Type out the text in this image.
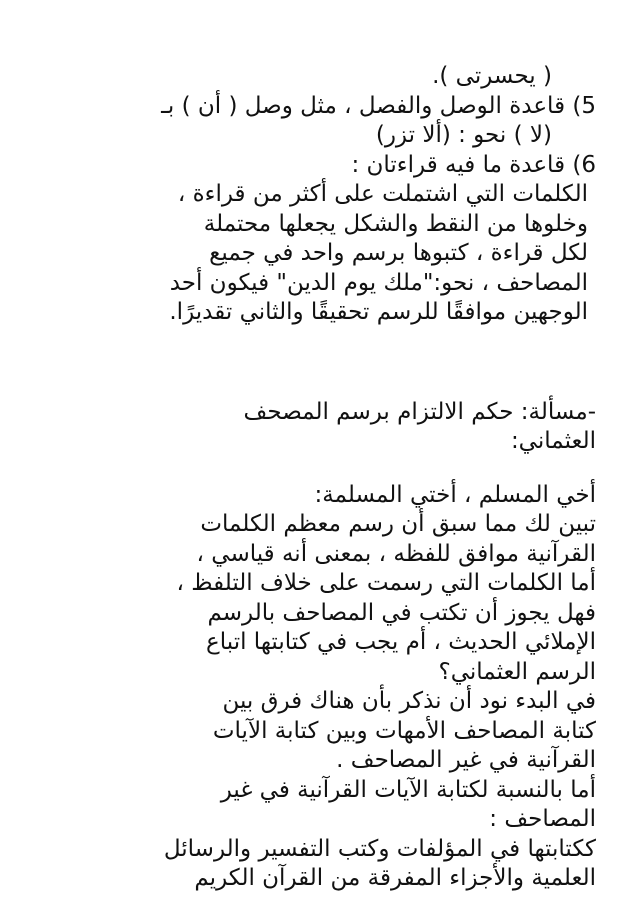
( يحسرتى ).
5) قاعدة الوصل والفصل ، مثل وصل ( أن ) بـ
(لا ) نحو : (ألا تزر)
6) قاعدة ما فيه قراءتان :
الكلمات التي اشتملت على أكثر من قراءة ،
وخلوها من النقط والشكل يجعلها محتملة
لكل قراءة ، كتبوها برسم واحد في جميع
المصاحف ، نحو:"ملك يوم الدين" فيكون أحد
الوجهين موافقًا للرسم تحقيقًا والثاني تقديرًا.
-مسألة: حكم الالتزام برسم المصحف
العثماني:
أخي المسلم ، أختي المسلمة:
تبين لك مما سبق أن رسم معظم الكلمات
القرآنية موافق للفظه ، بمعنى أنه قياسي ،
أما الكلمات التي رسمت على خلاف التلفظ ،
فهل يجوز أن تكتب في المصاحف بالرسم
الإملائي الحديث ، أم يجب في كتابتها اتباع
الرسم العثماني؟
في البدء نود أن نذكر بأن هناك فرق بين
كتابة المصاحف الأمهات وبين كتابة الآيات
القرآنية في غير المصاحف .
أما بالنسبة لكتابة الآيات القرآنية في غير
المصاحف :
ككتابتها في المؤلفات وكتب التفسير والرسائل
العلمية والأجزاء المفرقة من القرآن الكريم
